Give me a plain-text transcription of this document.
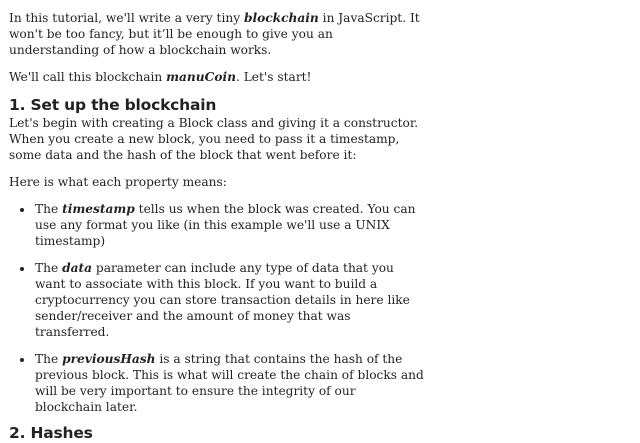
In this tutorial, we'll write a very tiny blockchain in JavaScript. It won't be too fancy, but it’ll be enough to give you an understanding of how a blockchain works.

We'll call this blockchain manuCoin. Let's start!

1. Set up the blockchain

Let's begin with creating a Block class and giving it a constructor. When you create a new block, you need to pass it a timestamp, some data and the hash of the block that went before it:

Here is what each property means:

• The timestamp tells us when the block was created. You can use any format you like (in this example we'll use a UNIX timestamp)
• The data parameter can include any type of data that you want to associate with this block. If you want to build a cryptocurrency you can store transaction details in here like sender/receiver and the amount of money that was transferred.
• The previousHash is a string that contains the hash of the previous block. This is what will create the chain of blocks and will be very important to ensure the integrity of our blockchain later.
2. Hashes
